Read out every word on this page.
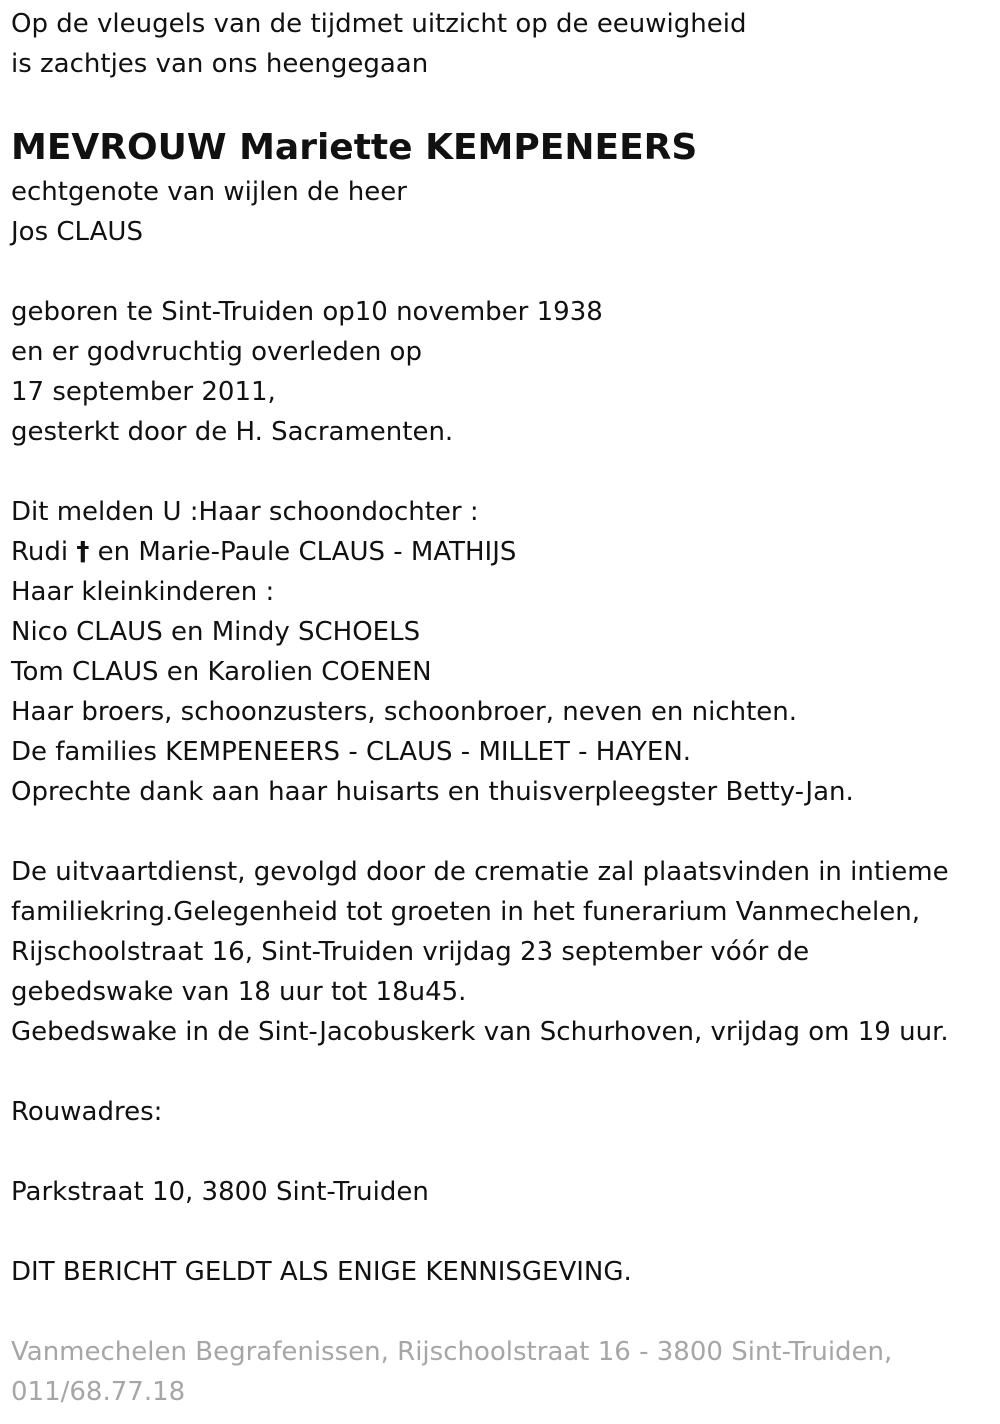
Op de vleugels van de tijdmet uitzicht op de eeuwigheid
is zachtjes van ons heengegaan
MEVROUW Mariette KEMPENEERS
echtgenote van wijlen de heer
Jos CLAUS
geboren te Sint-Truiden op10 november 1938
en er godvruchtig overleden op
17 september 2011,
gesterkt door de H. Sacramenten.
Dit melden U :Haar schoondochter :
Rudi † en Marie-Paule CLAUS - MATHIJS
Haar kleinkinderen :
Nico CLAUS en Mindy SCHOELS
Tom CLAUS en Karolien COENEN
Haar broers, schoonzusters, schoonbroer, neven en nichten.
De families KEMPENEERS - CLAUS - MILLET - HAYEN.
Oprechte dank aan haar huisarts en thuisverpleegster Betty-Jan.
De uitvaartdienst, gevolgd door de crematie zal plaatsvinden in intieme
familiekring.Gelegenheid tot groeten in het funerarium Vanmechelen,
Rijschoolstraat 16, Sint-Truiden vrijdag 23 september vóór de
gebedswake van 18 uur tot 18u45.
Gebedswake in de Sint-Jacobuskerk van Schurhoven, vrijdag om 19 uur.
Rouwadres:
Parkstraat 10, 3800 Sint-Truiden
DIT BERICHT GELDT ALS ENIGE KENNISGEVING.
Vanmechelen Begrafenissen, Rijschoolstraat 16 - 3800 Sint-Truiden,
011/68.77.18
